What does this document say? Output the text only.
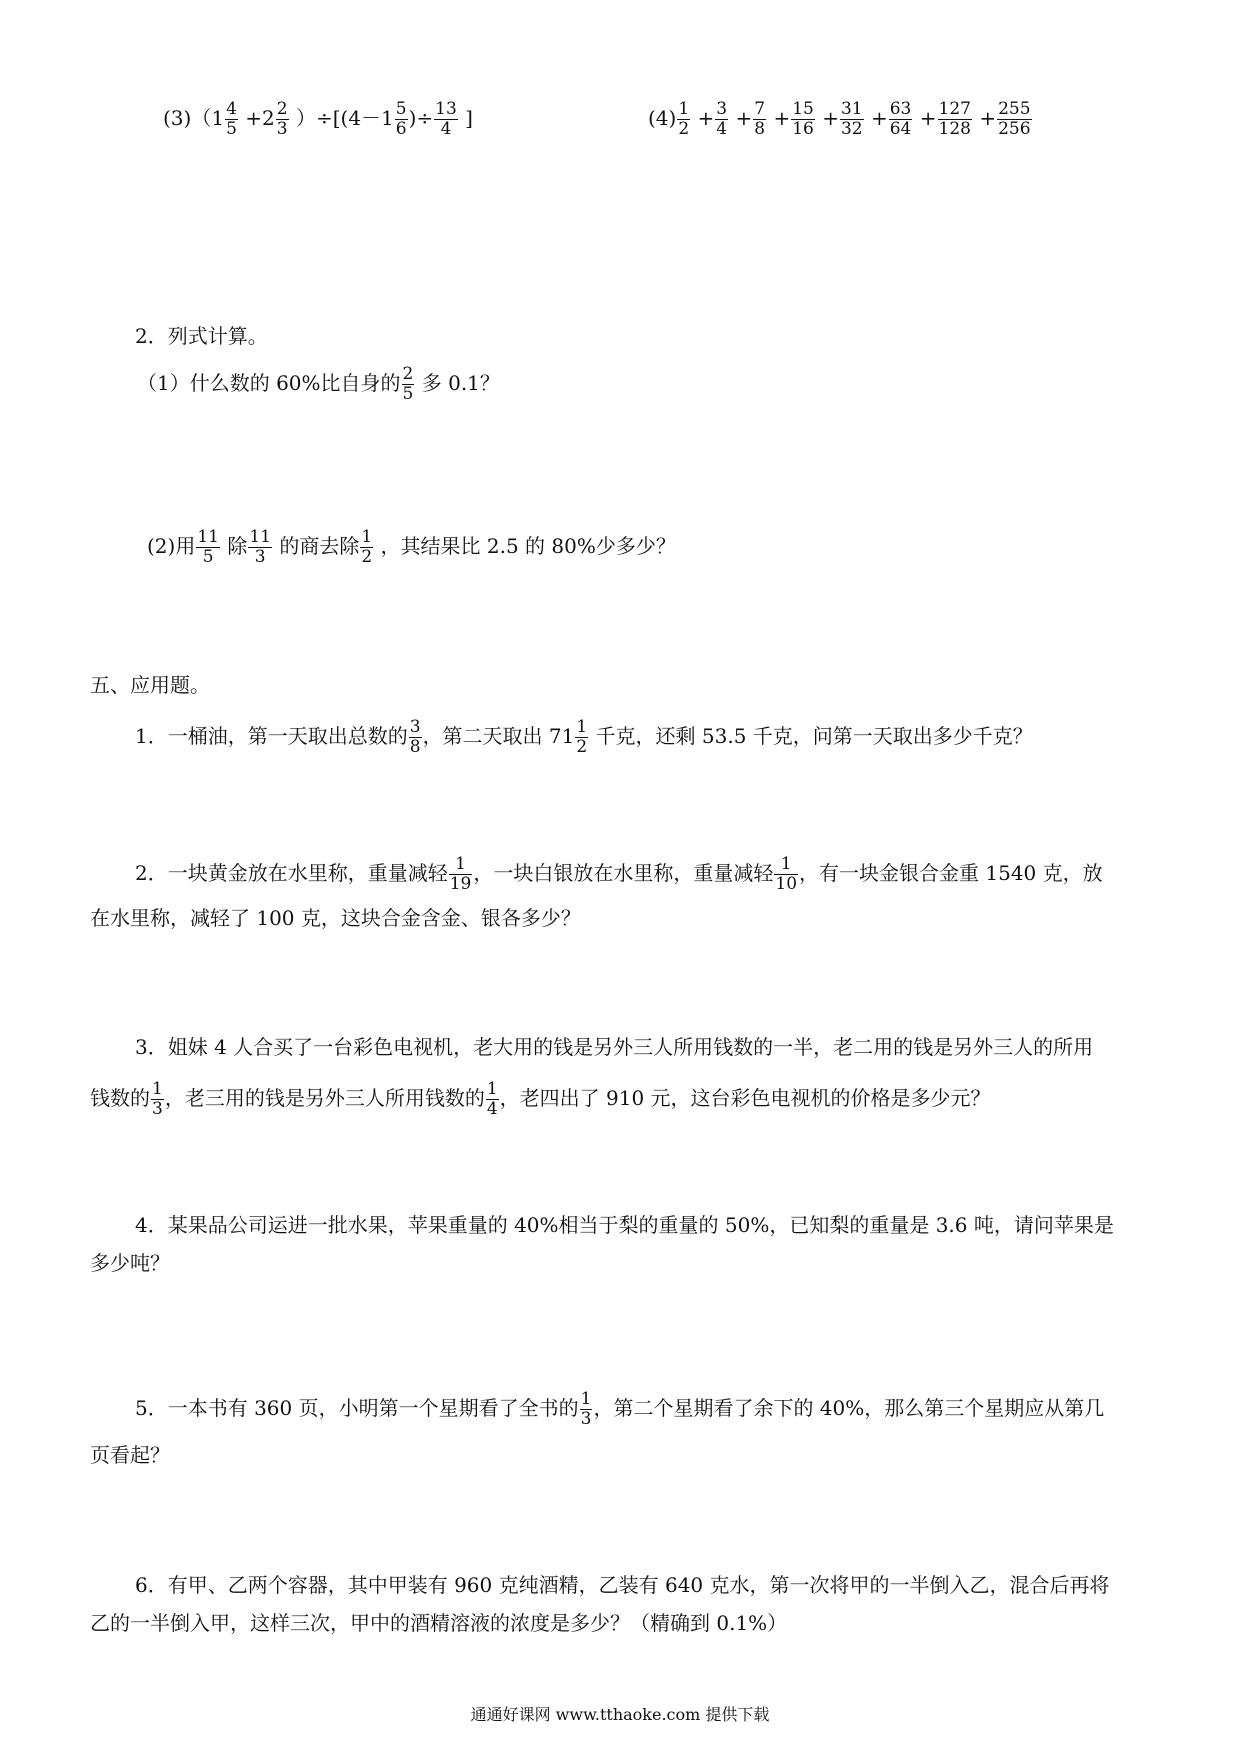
$(3)(1 \frac{4}{5} +2 \frac{2}{3} )\div[(4-1 \frac{5}{6}$ )÷ $\frac{13}{4}$ ]	$(4) \frac{1}{2} + \frac{3}{4} + \frac{7}{8} + \frac{15}{16} + \frac{31}{32} + \frac{63}{64} + \frac{127}{128} + \frac{255}{256}$
2．列式计算。
（1）什么数的 60%比自身的 $\frac{2}{5}$ 多 0.1？
(2)用 $\frac{11}{5}$ 除 $\frac{11}{3}$ 的商去除 $\frac{1}{2}$ ，其结果比 2.5 的 80%少多少？
五、应用题。
1．一桶油，第一天取出总数的 $\frac{3}{8}$ ，第二天取出 $71 \frac{1}{2}$ 千克，还剩 53.5 千克，问第一天取出多少千克？
2．一块黄金放在水里称，重量减轻 $\frac{1}{19}$ ，一块白银放在水里称，重量减轻 $\frac{1}{10}$ ，有一块金银合金重 1540 克，放
在水里称，减轻了 100 克，这块合金含金、银各多少？
3．姐妹 4 人合买了一台彩色电视机，老大用的钱是另外三人所用钱数的一半，老二用的钱是另外三人的所用
钱数的 $\frac{1}{3}$ ，老三用的钱是另外三人所用钱数的 $\frac{1}{4}$ ，老四出了 910 元，这台彩色电视机的价格是多少元？
4．某果品公司运进一批水果，苹果重量的 40%相当于梨的重量的 50%，已知梨的重量是 3.6 吨，请问苹果是
多少吨？
5．一本书有 360 页，小明第一个星期看了全书的 $\frac{1}{3}$ ，第二个星期看了余下的 40%，那么第三个星期应从第几
页看起？
6．有甲、乙两个容器，其中甲装有 960 克纯酒精，乙装有 640 克水，第一次将甲的一半倒入乙，混合后再将
乙的一半倒入甲，这样三次，甲中的酒精溶液的浓度是多少？（精确到 0.1%）
通通好课网 www.tthaoke.com 提供下载
